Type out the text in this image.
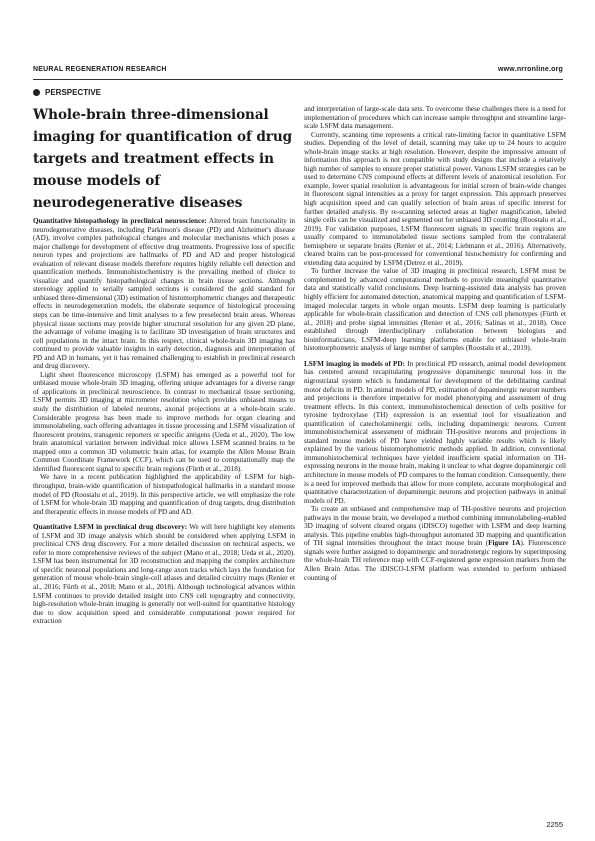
NEURAL REGENERATION RESEARCH	www.nrronline.org
PERSPECTIVE
Whole-brain three-dimensional imaging for quantification of drug targets and treatment effects in mouse models of neurodegenerative diseases

Quantitative histopathology in preclinical neuroscience: Altered brain functionality in neurodegenerative diseases, including Parkinson's disease (PD) and Alzheimer's disease (AD), involve complex pathological changes and molecular mechanisms which poses a major challenge for development of effective drug treatments. Progressive loss of specific neuron types and projections are hallmarks of PD and AD and proper histological evaluation of relevant disease models therefore requires highly reliable cell detection and quantification methods. Immunohistochemistry is the prevailing method of choice to visualize and quantify histopathological changes in brain tissue sections. Although stereology applied to serially sampled sections is considered the gold standard for unbiased three-dimensional (3D) estimation of histomorphometric changes and therapeutic effects in neurodegeneration models, the elaborate sequence of histological processing steps can be time-intensive and limit analyses to a few preselected brain areas. Whereas physical tissue sections may provide higher structural resolution for any given 2D plane, the advantage of volume imaging is to facilitate 3D investigation of brain structures and cell populations in the intact brain. In this respect, clinical whole-brain 3D imaging has continued to provide valuable insights in early detection, diagnosis and interpretation of PD and AD in humans, yet it has remained challenging to establish in preclinical research and drug discovery.

Light sheet fluorescence microscopy (LSFM) has emerged as a powerful tool for unbiased mouse whole-brain 3D imaging, offering unique advantages for a diverse range of applications in preclinical neuroscience. In contrast to mechanical tissue sectioning, LSFM permits 3D imaging at micrometer resolution which provides unbiased means to study the distribution of labeled neurons, axonal projections at a whole-brain scale. Considerable progress has been made to improve methods for organ clearing and immunolabeling, each offering advantages in tissue processing and LSFM visualization of fluorescent proteins, transgenic reporters or specific antigens (Ueda et al., 2020). The low brain anatomical variation between individual mice allows LSFM scanned brains to be mapped onto a common 3D volumetric brain atlas, for example the Allen Mouse Brain Common Coordinate Framework (CCF), which can be used to computationally map the identified fluorescent signal to specific brain regions (Fürth et al., 2018).

We have in a recent publication highlighted the applicability of LSFM for high-throughput, brain-wide quantification of histopathological hallmarks in a standard mouse model of PD (Roostalu et al., 2019). In this perspective article, we will emphasize the role of LSFM for whole-brain 3D mapping and quantification of drug targets, drug distribution and therapeutic effects in mouse models of PD and AD.

Quantitative LSFM in preclinical drug discovery: We will here highlight key elements of LSFM and 3D image analysis which should be considered when applying LSFM in preclinical CNS drug discovery. For a more detailed discussion on technical aspects, we refer to more comprehensive reviews of the subject (Mano et al., 2018; Ueda et al., 2020). LSFM has been instrumental for 3D reconstruction and mapping the complex architecture of specific neuronal populations and long-range axon tracks which lays the foundation for generation of mouse whole-brain single-cell atlases and detailed circuitry maps (Renier et al., 2016; Fürth et al., 2018; Mano et al., 2018). Although technological advances within LSFM continues to provide detailed insight into CNS cell topography and connectivity, high-resolution whole-brain imaging is generally not well-suited for quantitative histology due to slow acquisition speed and considerable computational power required for extraction

and interpretation of large-scale data sets. To overcome these challenges there is a need for implementation of procedures which can increase sample throughput and streamline large-scale LSFM data management.

Currently, scanning time represents a critical rate-limiting factor in quantitative LSFM studies. Depending of the level of detail, scanning may take up to 24 hours to acquire whole-brain image stacks at high resolution. However, despite the impressive amount of information this approach is not compatible with study designs that include a relatively high number of samples to ensure proper statistical power. Various LSFM strategies can be used to determine CNS compound effects at different levels of anatomical resolution. For example, lower spatial resolution is advantageous for initial screen of brain-wide changes in fluorescent signal intensities as a proxy for target expression. This approach preserves high acquisition speed and can qualify selection of brain areas of specific interest for further detailed analysis. By re-scanning selected areas at higher magnification, labeled single cells can be visualized and segmented out for unbiased 3D counting (Roostalu et al., 2019). For validation purposes, LSFM fluorescent signals in specific brain regions are usually compared to immunolabeled tissue sections sampled from the contralateral hemisphere or separate brains (Renier et al., 2014; Liebmann et al., 2016). Alternatively, cleared brains can be post-processed for conventional histochemistry for confirming and extending data acquired by LSFM (Detrez et al., 2019).

To further increase the value of 3D imaging in preclinical research, LSFM must be complemented by advanced computational methods to provide meaningful quantitative data and statistically valid conclusions. Deep learning-assisted data analysis has proven highly efficient for automated detection, anatomical mapping and quantification of LSFM-imaged molecular targets in whole organ mounts. LSFM deep learning is particularly applicable for whole-brain classification and detection of CNS cell phenotypes (Fürth et al., 2018) and probe signal intensities (Renier et al., 2016; Salinas et al., 2018). Once established through interdisciplinary collaboration between biologists and bioinformaticians, LSFM-deep learning platforms enable for unbiased whole-brain histomorphometric analysis of large number of samples (Roostalu et al., 2019).

LSFM imaging in models of PD: In preclinical PD research, animal model development has centered around recapitulating progressive dopaminergic neuronal loss in the nigrostriatal system which is fundamental for development of the debilitating cardinal motor deficits in PD. In animal models of PD, estimation of dopaminergic neuron numbers and projections is therefore imperative for model phenotyping and assessment of drug treatment effects. In this context, immunohistochemical detection of cells positive for tyrosine hydroxylase (TH) expression is an essential tool for visualization and quantification of catecholaminergic cells, including dopaminergic neurons. Current immunohistochemical assessment of midbrain TH-positive neurons and projections in standard mouse models of PD have yielded highly variable results which is likely explained by the various histomorphometric methods applied. In addition, conventional immunohistochemical techniques have yielded insufficient spatial information on TH-expressing neurons in the mouse brain, making it unclear to what degree dopaminergic cell architecture in mouse models of PD compares to the human condition. Consequently, there is a need for improved methods that allow for more complete, accurate morphological and quantitative characterization of dopaminergic neurons and projection pathways in animal models of PD.

To create an unbiased and comprehensive map of TH-positive neurons and projection pathways in the mouse brain, we developed a method combining immunolabeling-enabled 3D imaging of solvent cleared organs (iDISCO) together with LSFM and deep learning analysis. This pipeline enables high-throughput automated 3D mapping and quantification of TH signal intensities throughout the intact mouse brain (Figure 1A). Fluorescence signals were further assigned to dopaminergic and noradrenergic regions by superimposing the whole-brain TH reference map with CCF-registered gene expression markers from the Allen Brain Atlas. The iDISCO-LSFM platform was extended to perform unbiased counting of

2255
